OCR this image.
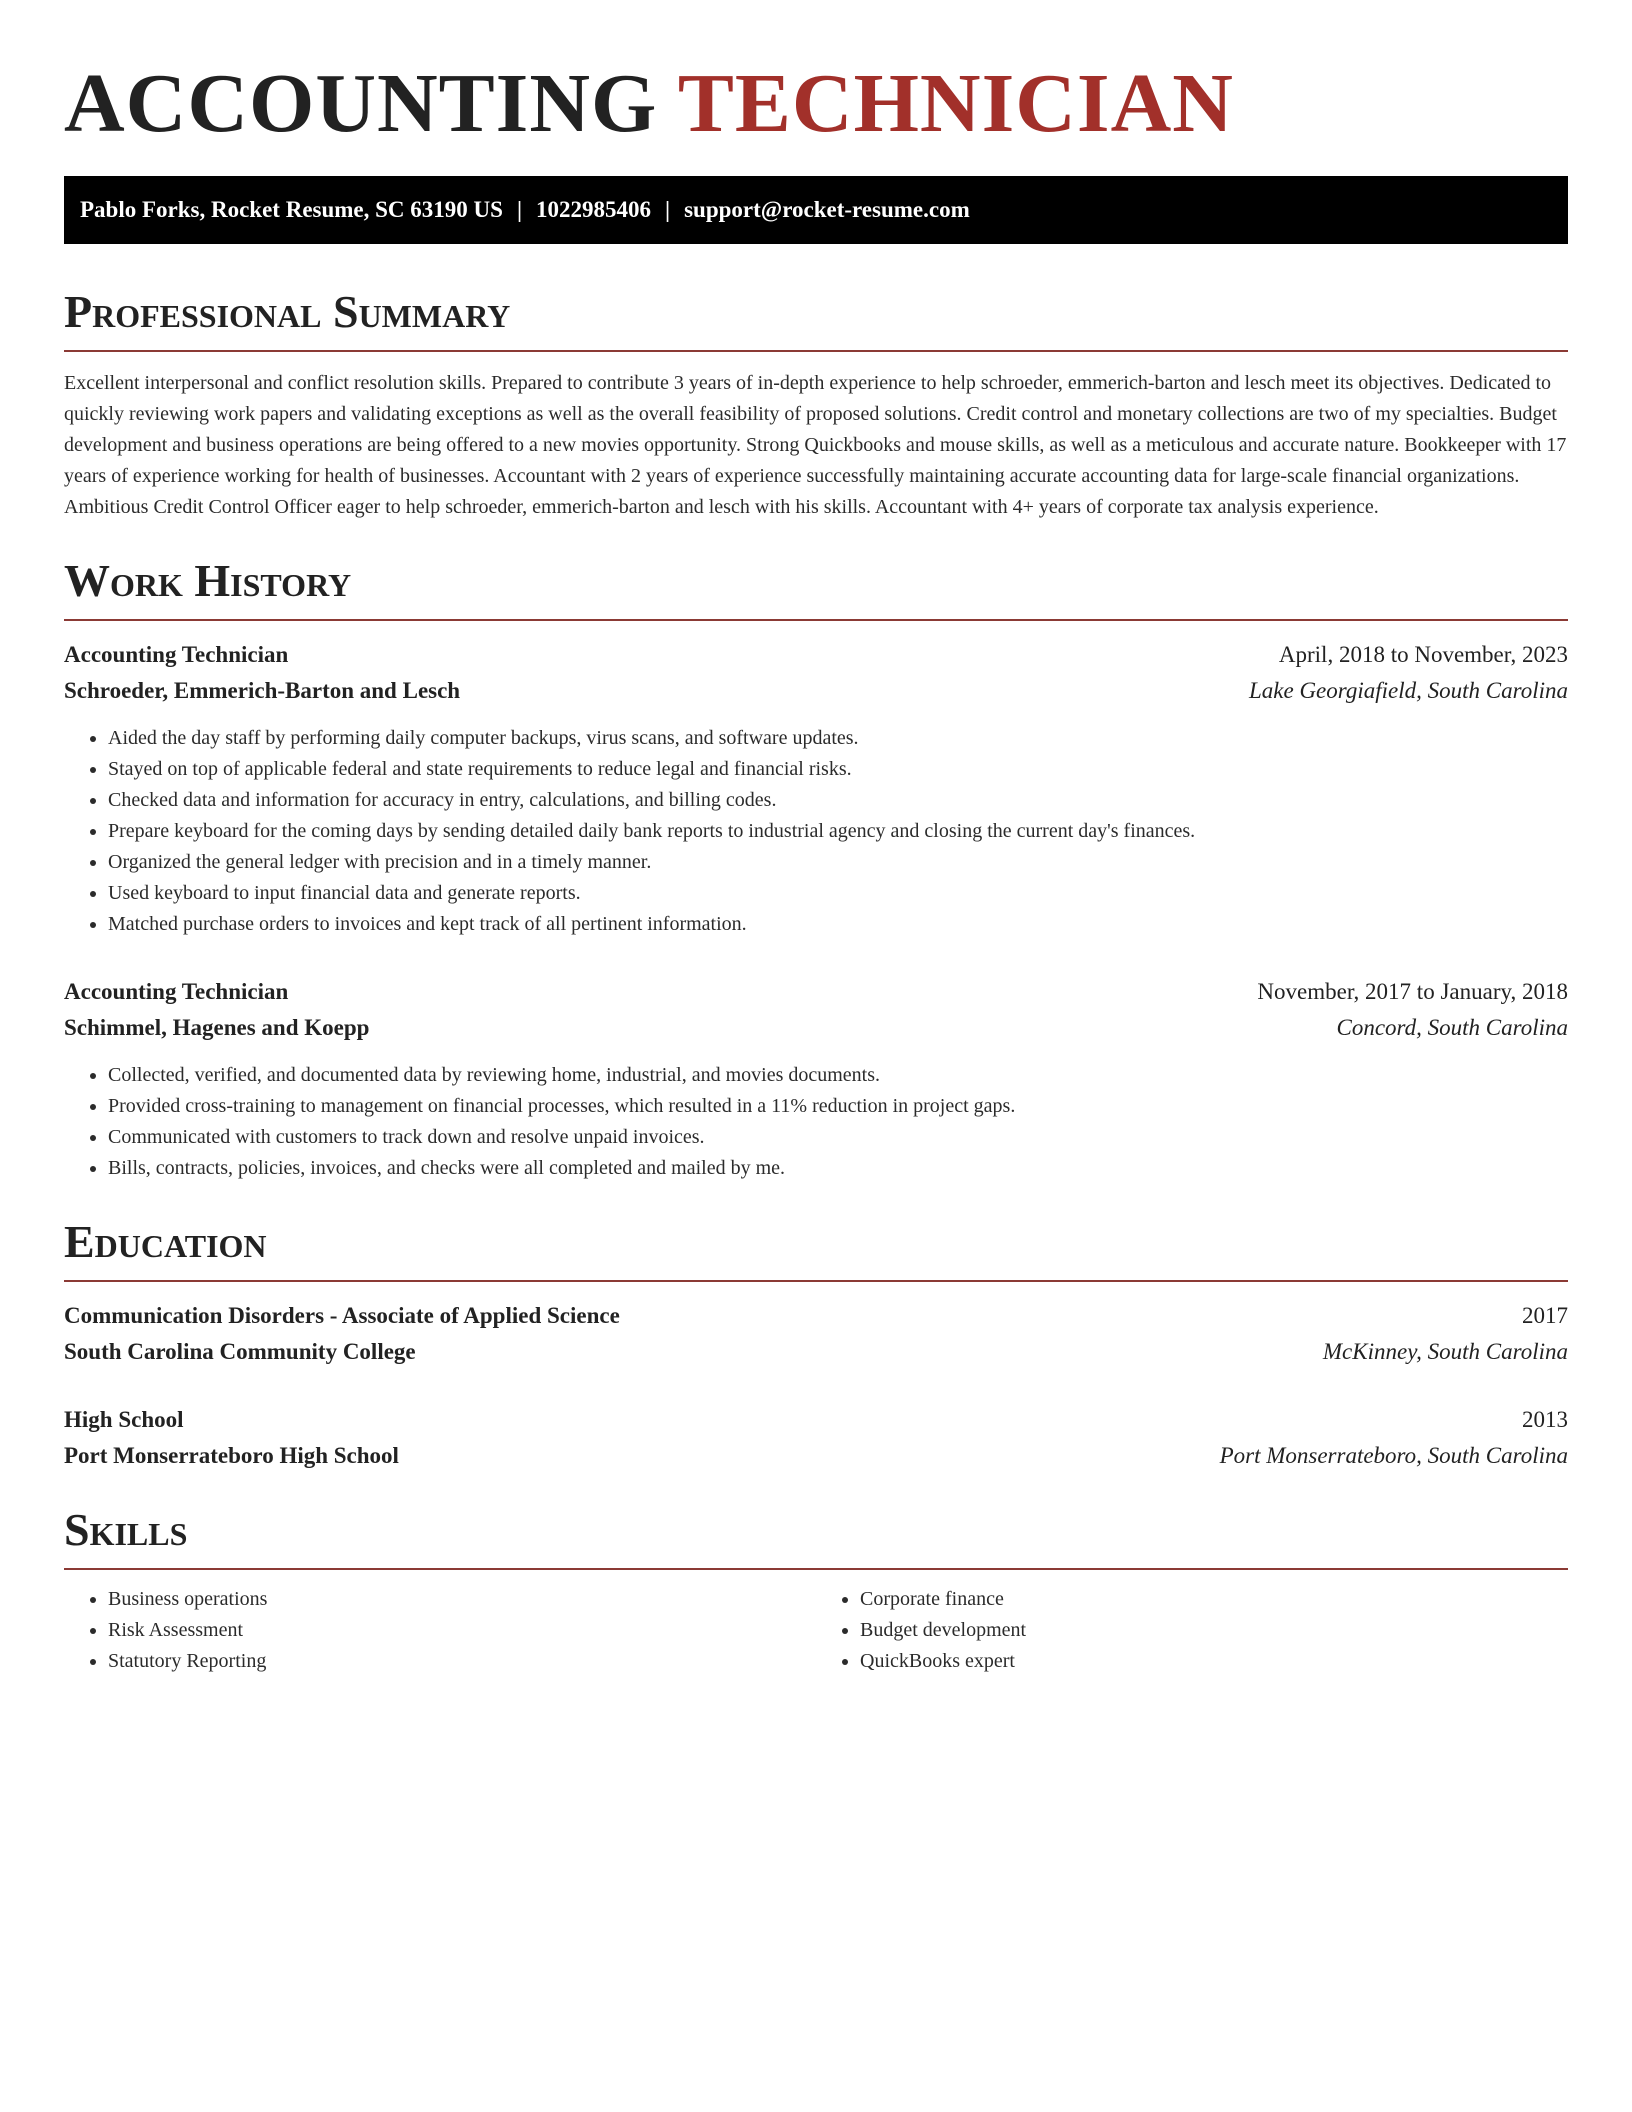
ACCOUNTING TECHNICIAN
Pablo Forks, Rocket Resume, SC 63190 US | 1022985406 | support@rocket-resume.com
Professional Summary

Excellent interpersonal and conflict resolution skills. Prepared to contribute 3 years of in-depth experience to help schroeder, emmerich-barton and lesch meet its objectives. Dedicated to quickly reviewing work papers and validating exceptions as well as the overall feasibility of proposed solutions. Credit control and monetary collections are two of my specialties. Budget development and business operations are being offered to a new movies opportunity. Strong Quickbooks and mouse skills, as well as a meticulous and accurate nature. Bookkeeper with 17 years of experience working for health of businesses. Accountant with 2 years of experience successfully maintaining accurate accounting data for large-scale financial organizations. Ambitious Credit Control Officer eager to help schroeder, emmerich-barton and lesch with his skills. Accountant with 4+ years of corporate tax analysis experience.

Work History
Accounting Technician	April, 2018 to November, 2023
Schroeder, Emmerich-Barton and Lesch	Lake Georgiafield, South Carolina
• Aided the day staff by performing daily computer backups, virus scans, and software updates.
• Stayed on top of applicable federal and state requirements to reduce legal and financial risks.
• Checked data and information for accuracy in entry, calculations, and billing codes.
• Prepare keyboard for the coming days by sending detailed daily bank reports to industrial agency and closing the current day's finances.
• Organized the general ledger with precision and in a timely manner.
• Used keyboard to input financial data and generate reports.
• Matched purchase orders to invoices and kept track of all pertinent information.
Accounting Technician	November, 2017 to January, 2018
Schimmel, Hagenes and Koepp	Concord, South Carolina
• Collected, verified, and documented data by reviewing home, industrial, and movies documents.
• Provided cross-training to management on financial processes, which resulted in a 11% reduction in project gaps.
• Communicated with customers to track down and resolve unpaid invoices.
• Bills, contracts, policies, invoices, and checks were all completed and mailed by me.
Education
Communication Disorders - Associate of Applied Science	2017
South Carolina Community College	McKinney, South Carolina
High School	2013
Port Monserrateboro High School	Port Monserrateboro, South Carolina
Skills
• Business operations
• Risk Assessment
• Statutory Reporting
• Corporate finance
• Budget development
• QuickBooks expert
